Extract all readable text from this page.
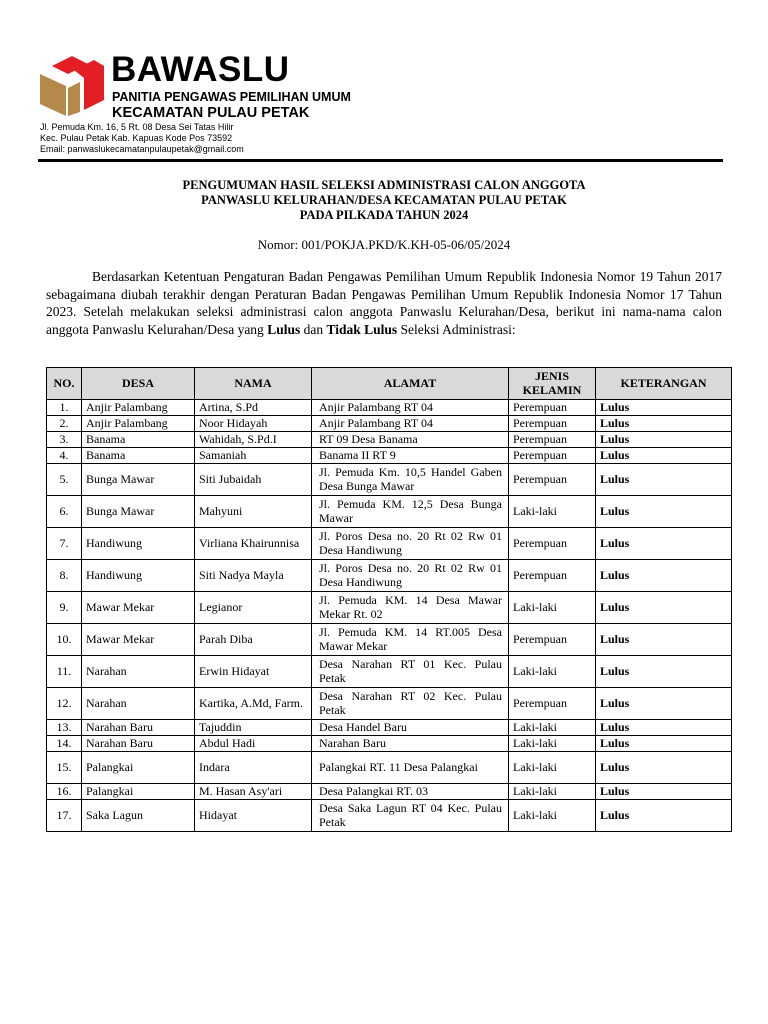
BAWASLU
PANITIA PENGAWAS PEMILIHAN UMUM
KECAMATAN PULAU PETAK
Jl. Pemuda Km. 16, 5 Rt. 08 Desa Sei Tatas Hilir
Kec. Pulau Petak Kab. Kapuas Kode Pos 73592
Email: panwaslukecamatanpulaupetak@gmail.com
PENGUMUMAN HASIL SELEKSI ADMINISTRASI CALON ANGGOTA
PANWASLU KELURAHAN/DESA KECAMATAN PULAU PETAK
PADA PILKADA TAHUN 2024
Nomor: 001/POKJA.PKD/K.KH-05-06/05/2024
Berdasarkan Ketentuan Pengaturan Badan Pengawas Pemilihan Umum Republik Indonesia Nomor 19 Tahun 2017 sebagaimana diubah terakhir dengan Peraturan Badan Pengawas Pemilihan Umum Republik Indonesia Nomor 17 Tahun 2023. Setelah melakukan seleksi administrasi calon anggota Panwaslu Kelurahan/Desa, berikut ini nama-nama calon anggota Panwaslu Kelurahan/Desa yang Lulus dan Tidak Lulus Seleksi Administrasi:
NO.	DESA	NAMA	ALAMAT	JENIS KELAMIN	KETERANGAN
1.	Anjir Palambang	Artina, S.Pd	Anjir Palambang RT 04	Perempuan	Lulus
2.	Anjir Palambang	Noor Hidayah	Anjir Palambang RT 04	Perempuan	Lulus
3.	Banama	Wahidah, S.Pd.I	RT 09 Desa Banama	Perempuan	Lulus
4.	Banama	Samaniah	Banama II RT 9	Perempuan	Lulus
5.	Bunga Mawar	Siti Jubaidah	Jl. Pemuda Km. 10,5 Handel Gaben Desa Bunga Mawar	Perempuan	Lulus
6.	Bunga Mawar	Mahyuni	Jl. Pemuda KM. 12,5 Desa Bunga Mawar	Laki-laki	Lulus
7.	Handiwung	Virliana Khairunnisa	Jl. Poros Desa no. 20 Rt 02 Rw 01 Desa Handiwung	Perempuan	Lulus
8.	Handiwung	Siti Nadya Mayla	Jl. Poros Desa no. 20 Rt 02 Rw 01 Desa Handiwung	Perempuan	Lulus
9.	Mawar Mekar	Legianor	Jl. Pemuda KM. 14 Desa Mawar Mekar Rt. 02	Laki-laki	Lulus
10.	Mawar Mekar	Parah Diba	Jl. Pemuda KM. 14 RT.005 Desa Mawar Mekar	Perempuan	Lulus
11.	Narahan	Erwin Hidayat	Desa Narahan RT 01 Kec. Pulau Petak	Laki-laki	Lulus
12.	Narahan	Kartika, A.Md, Farm.	Desa Narahan RT 02 Kec. Pulau Petak	Perempuan	Lulus
13.	Narahan Baru	Tajuddin	Desa Handel Baru	Laki-laki	Lulus
14.	Narahan Baru	Abdul Hadi	Narahan Baru	Laki-laki	Lulus
15.	Palangkai	Indara	Palangkai RT. 11 Desa Palangkai	Laki-laki	Lulus
16.	Palangkai	M. Hasan Asy'ari	Desa Palangkai RT. 03	Laki-laki	Lulus
17.	Saka Lagun	Hidayat	Desa Saka Lagun RT 04 Kec. Pulau Petak	Laki-laki	Lulus
